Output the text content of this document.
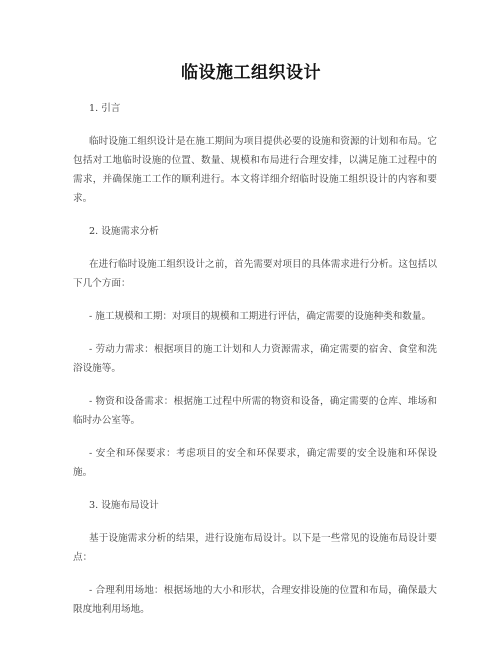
临设施工组织设计

1. 引言

临时设施工组织设计是在施工期间为项目提供必要的设施和资源的计划和布局。它包括对工地临时设施的位置、数量、规模和布局进行合理安排，以满足施工过程中的需求，并确保施工工作的顺利进行。本文将详细介绍临时设施工组织设计的内容和要求。

2. 设施需求分析

在进行临时设施工组织设计之前，首先需要对项目的具体需求进行分析。这包括以下几个方面：

- 施工规模和工期：对项目的规模和工期进行评估，确定需要的设施种类和数量。

- 劳动力需求：根据项目的施工计划和人力资源需求，确定需要的宿舍、食堂和洗浴设施等。

- 物资和设备需求：根据施工过程中所需的物资和设备，确定需要的仓库、堆场和临时办公室等。

- 安全和环保要求：考虑项目的安全和环保要求，确定需要的安全设施和环保设施。

3. 设施布局设计

基于设施需求分析的结果，进行设施布局设计。以下是一些常见的设施布局设计要点：

- 合理利用场地：根据场地的大小和形状，合理安排设施的位置和布局，确保最大限度地利用场地。
